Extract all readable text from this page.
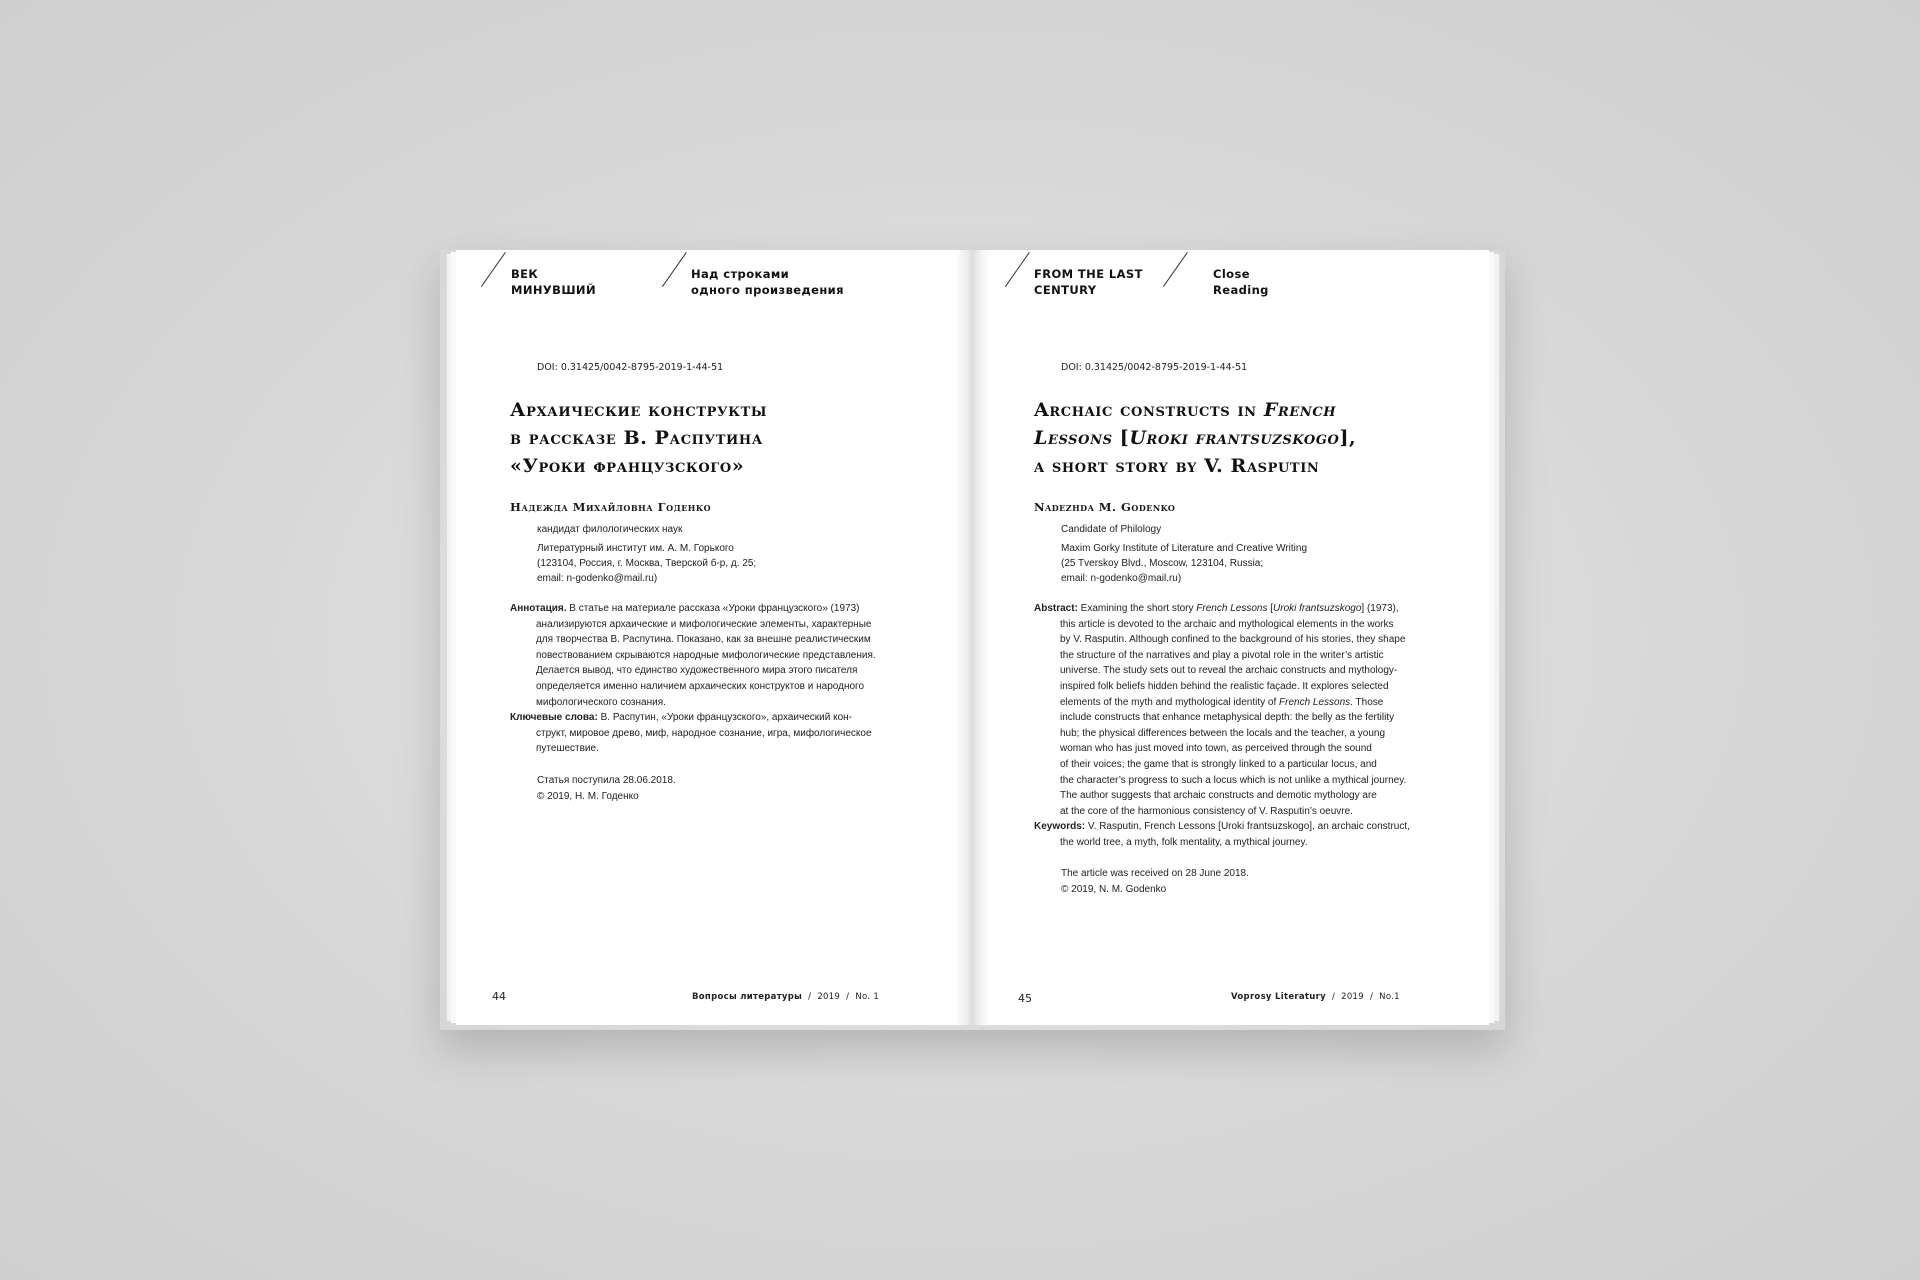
ВЕК
МИНУВШИЙ
Над строками
одного произведения
DOI: 0.31425/0042-8795-2019-1-44-51
Архаические конструкты
в рассказе В. Распутина
«Уроки французского»
Надежда Михайловна Годенко
кандидат филологических наук
Литературный институт им. А. М. Горького
(123104, Россия, г. Москва, Тверской б-р, д. 25;
email: n-godenko@mail.ru)
Аннотация. В статье на материале рассказа «Уроки французского» (1973)
анализируются архаические и мифологические элементы, характерные
для творчества В. Распутина. Показано, как за внешне реалистическим
повествованием скрываются народные мифологические представления.
Делается вывод, что единство художественного мира этого писателя
определяется именно наличием архаических конструктов и народного
мифологического сознания.
Ключевые слова: В. Распутин, «Уроки французского», архаический кон-
структ, мировое древо, миф, народное сознание, игра, мифологическое
путешествие.
Статья поступила 28.06.2018.
© 2019, Н. М. Годенко
44	Вопросы литературы / 2019 / No. 1
FROM THE LAST
CENTURY
Close
Reading
DOI: 0.31425/0042-8795-2019-1-44-51
Archaic constructs in French
Lessons [Uroki frantsuzskogo],
a short story by V. Rasputin
Nadezhda M. Godenko
Candidate of Philology
Maxim Gorky Institute of Literature and Creative Writing
(25 Tverskoy Blvd., Moscow, 123104, Russia;
email: n-godenko@mail.ru)
Abstract: Examining the short story French Lessons [Uroki frantsuzskogo] (1973),
this article is devoted to the archaic and mythological elements in the works
by V. Rasputin. Although confined to the background of his stories, they shape
the structure of the narratives and play a pivotal role in the writer’s artistic
universe. The study sets out to reveal the archaic constructs and mythology-
inspired folk beliefs hidden behind the realistic façade. It explores selected
elements of the myth and mythological identity of French Lessons. Those
include constructs that enhance metaphysical depth: the belly as the fertility
hub; the physical differences between the locals and the teacher, a young
woman who has just moved into town, as perceived through the sound
of their voices; the game that is strongly linked to a particular locus, and
the character’s progress to such a locus which is not unlike a mythical journey.
The author suggests that archaic constructs and demotic mythology are
at the core of the harmonious consistency of V. Rasputin’s oeuvre.
Keywords: V. Rasputin, French Lessons [Uroki frantsuzskogo], an archaic construct,
the world tree, a myth, folk mentality, a mythical journey.
The article was received on 28 June 2018.
© 2019, N. M. Godenko
45	Voprosy Literatury / 2019 / No.1
